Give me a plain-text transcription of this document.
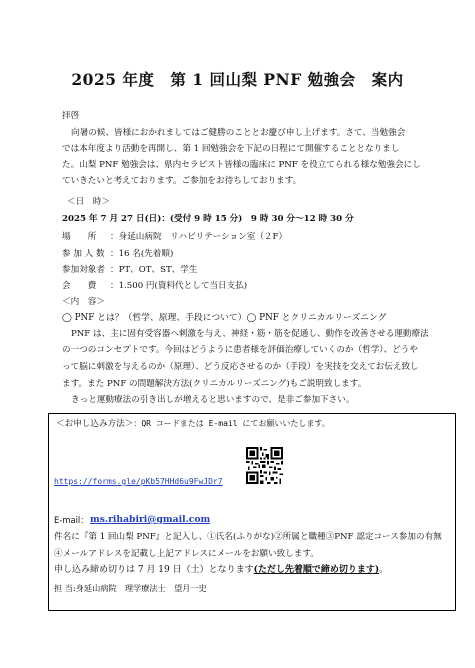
2025 年度　第 1 回山梨 PNF 勉強会　案内
拝啓
向暑の候、皆様におかれましてはご健勝のこととお慶び申し上げます。さて、当勉強会
では本年度より活動を再開し、第 1 回勉強会を下記の日程にて開催することとなりまし
た。山梨 PNF 勉強会は、県内セラピスト皆様の臨床に PNF を役立てられる様な勉強会にし
ていきたいと考えております。ご参加をお待ちしております。
＜日　時＞
2025 年 7 月 27 日(日)：(受付 9 時 15 分)　9 時 30 分～12 時 30 分
場　　所 ：身延山病院　リハビリテーション室（２F）
参 加 人 数 ：16 名(先着順)
参加対象者 ：PT、OT、ST、学生
会　　費 ：1.500 円(資料代として当日支払)
＜内　容＞
◯ PNF とは？（哲学、原理、手段について）◯ PNF とクリニカルリーズニング
PNF は、主に固有受容器へ刺激を与え、神経・筋・筋を促通し、動作を改善させる運動療法
の一つのコンセプトです。今回はどうように患者様を評価治療していくのか（哲学）、どうや
って脳に刺激を与えるのか（原理）、どう反応させるのか（手段）を実技を交えてお伝え致し
ます。また PNF の問題解決方法(クリニカルリーズニング)もご説明致します。
きっと運動療法の引き出しが増えると思いますので、是非ご参加下さい。
＜お申し込み方法＞：QR コードまたは E-mail にてお願いいたします。
https://forms.gle/pKb57HHd6u9FwJDr7
E-mail： ms.rihabiri@gmail.com
件名に『第 1 回山梨 PNF』と記入し、①氏名(ふりがな)②所属と職種③PNF 認定コース参加の有無
④メールアドレスを記載し上記アドレスにメールをお願い致します。
申し込み締め切りは 7 月 19 日（土）となります(ただし先着順で締め切ります)。
担 当:身延山病院　理学療法士　望月一史
